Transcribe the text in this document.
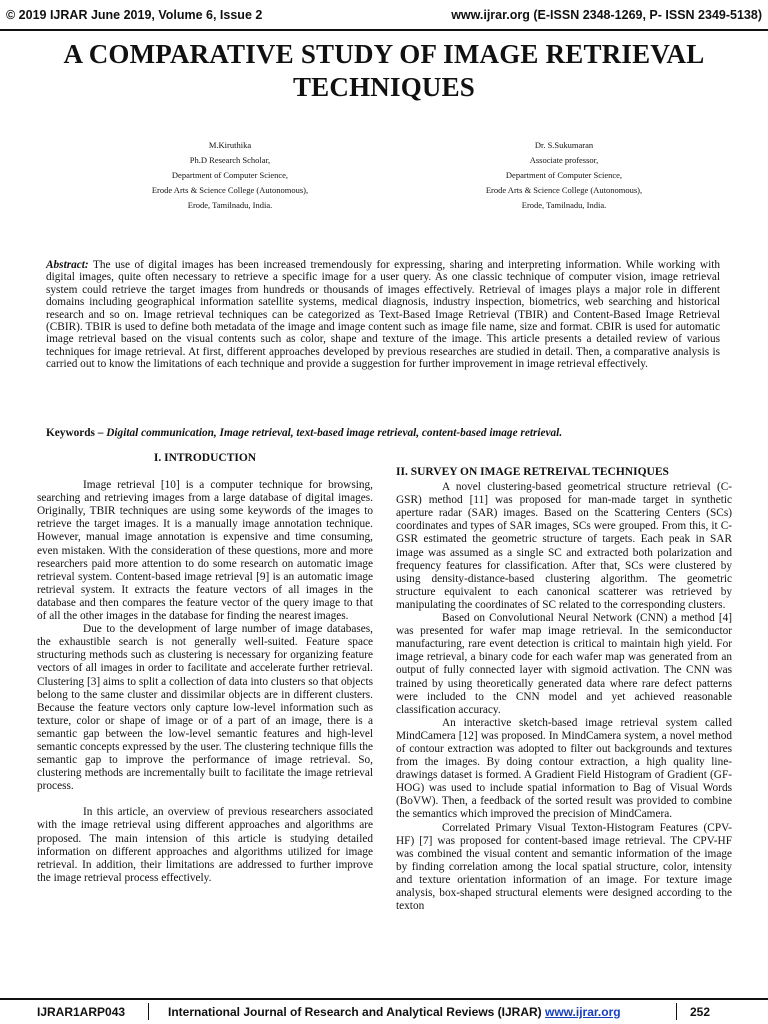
© 2019 IJRAR June 2019, Volume 6, Issue 2	www.ijrar.org (E-ISSN 2348-1269, P- ISSN 2349-5138)
A COMPARATIVE STUDY OF IMAGE RETRIEVAL TECHNIQUES
M.Kiruthika
Ph.D Research Scholar,
Department of Computer Science,
Erode Arts & Science College (Autonomous),
Erode, Tamilnadu, India.
Dr. S.Sukumaran
Associate professor,
Department of Computer Science,
Erode Arts & Science College (Autonomous),
Erode, Tamilnadu, India.
Abstract: The use of digital images has been increased tremendously for expressing, sharing and interpreting information. While working with digital images, quite often necessary to retrieve a specific image for a user query. As one classic technique of computer vision, image retrieval system could retrieve the target images from hundreds or thousands of images effectively. Retrieval of images plays a major role in different domains including geographical information satellite systems, medical diagnosis, industry inspection, biometrics, web searching and historical research and so on. Image retrieval techniques can be categorized as Text-Based Image Retrieval (TBIR) and Content-Based Image Retrieval (CBIR). TBIR is used to define both metadata of the image and image content such as image file name, size and format. CBIR is used for automatic image retrieval based on the visual contents such as color, shape and texture of the image. This article presents a detailed review of various techniques for image retrieval. At first, different approaches developed by previous researches are studied in detail. Then, a comparative analysis is carried out to know the limitations of each technique and provide a suggestion for further improvement in image retrieval effectively.
Keywords – Digital communication, Image retrieval, text-based image retrieval, content-based image retrieval.
I. INTRODUCTION

Image retrieval [10] is a computer technique for browsing, searching and retrieving images from a large database of digital images. Originally, TBIR techniques are using some keywords of the images to retrieve the target images. It is a manually image annotation technique. However, manual image annotation is expensive and time consuming, even mistaken. With the consideration of these questions, more and more researchers paid more attention to do some research on automatic image retrieval system. Content-based image retrieval [9] is an automatic image retrieval system. It extracts the feature vectors of all images in the database and then compares the feature vector of the query image to that of all the other images in the database for finding the nearest images.

Due to the development of large number of image databases, the exhaustible search is not generally well-suited. Feature space structuring methods such as clustering is necessary for organizing feature vectors of all images in order to facilitate and accelerate further retrieval. Clustering [3] aims to split a collection of data into clusters so that objects belong to the same cluster and dissimilar objects are in different clusters. Because the feature vectors only capture low-level information such as texture, color or shape of image or of a part of an image, there is a semantic gap between the low-level semantic features and high-level semantic concepts expressed by the user. The clustering technique fills the semantic gap to improve the performance of image retrieval. So, clustering methods are incrementally built to facilitate the image retrieval process.

In this article, an overview of previous researchers associated with the image retrieval using different approaches and algorithms are proposed. The main intension of this article is studying detailed information on different approaches and algorithms utilized for image retrieval. In addition, their limitations are addressed to further improve the image retrieval process effectively.

II. SURVEY ON IMAGE RETREIVAL TECHNIQUES

A novel clustering-based geometrical structure retrieval (C-GSR) method [11] was proposed for man-made target in synthetic aperture radar (SAR) images. Based on the Scattering Centers (SCs) coordinates and types of SAR images, SCs were grouped. From this, it C-GSR estimated the geometric structure of targets. Each peak in SAR image was assumed as a single SC and extracted both polarization and frequency features for classification. After that, SCs were clustered by using density-distance-based clustering algorithm. The geometric structure equivalent to each canonical scatterer was retrieved by manipulating the coordinates of SC related to the corresponding clusters.

Based on Convolutional Neural Network (CNN) a method [4] was presented for wafer map image retrieval. In the semiconductor manufacturing, rare event detection is critical to maintain high yield. For image retrieval, a binary code for each wafer map was generated from an output of fully connected layer with sigmoid activation. The CNN was trained by using theoretically generated data where rare defect patterns were included to the CNN model and yet achieved reasonable classification accuracy.

An interactive sketch-based image retrieval system called MindCamera [12] was proposed. In MindCamera system, a novel method of contour extraction was adopted to filter out backgrounds and textures from the images. By doing contour extraction, a high quality line-drawings dataset is formed. A Gradient Field Histogram of Gradient (GF-HOG) was used to include spatial information to Bag of Visual Words (BoVW). Then, a feedback of the sorted result was provided to combine the semantics which improved the precision of MindCamera.

Correlated Primary Visual Texton-Histogram Features (CPV-HF) [7] was proposed for content-based image retrieval. The CPV-HF was combined the visual content and semantic information of the image by finding correlation among the local spatial structure, color, intensity and texture orientation information of an image. For texture image analysis, box-shaped structural elements were designed according to the texton

IJRAR1ARP043	International Journal of Research and Analytical Reviews (IJRAR) www.ijrar.org	252
